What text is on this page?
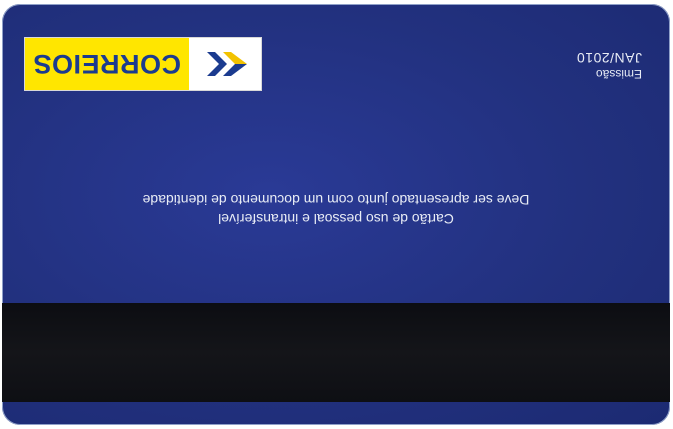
Cartão de uso pessoal e intransferível
Deve ser apresentado junto com um documento de identidade
Emissão
JAN/2010
CORREIOS
